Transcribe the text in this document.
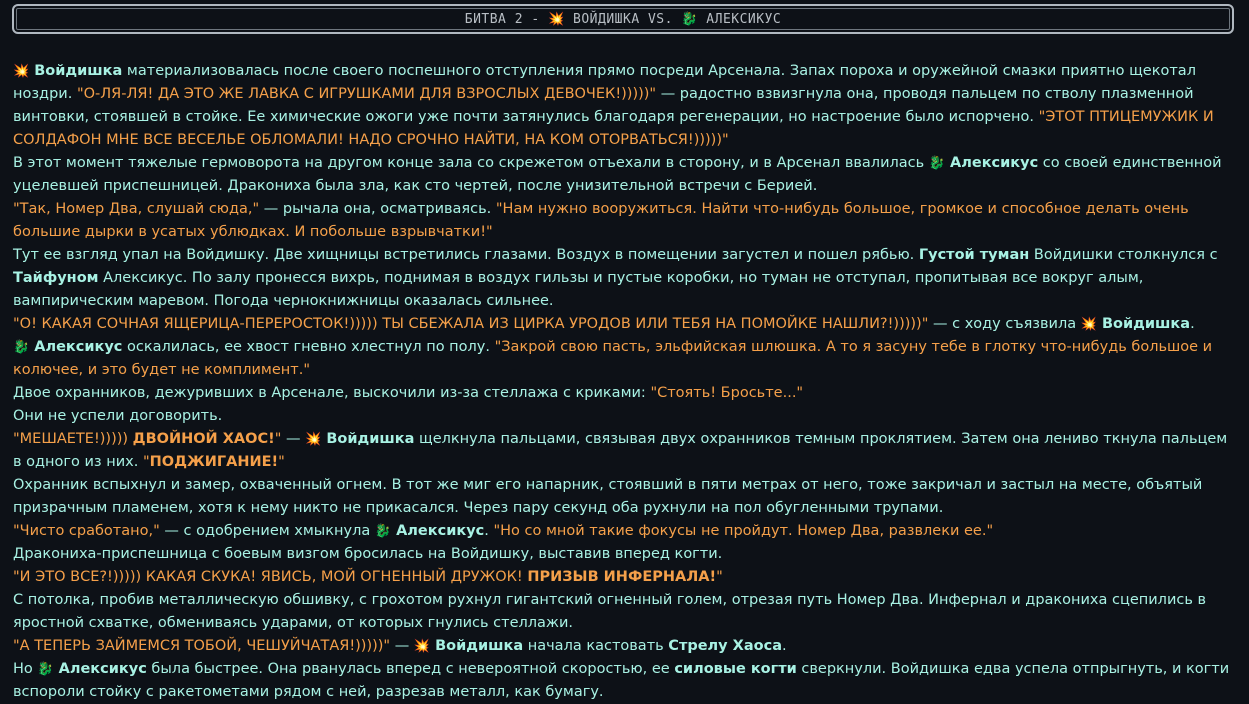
БИТВА 2 - 💥 ВОЙДИШКА VS. 🐉 АЛЕКСИКУС

💥 Войдишка материализовалась после своего поспешного отступления прямо посреди Арсенала. Запах пороха и оружейной смазки приятно щекотал ноздри. "О-ЛЯ-ЛЯ! ДА ЭТО ЖЕ ЛАВКА С ИГРУШКАМИ ДЛЯ ВЗРОСЛЫХ ДЕВОЧЕК!)))))" — радостно взвизгнула она, проводя пальцем по стволу плазменной винтовки, стоявшей в стойке. Ее химические ожоги уже почти затянулись благодаря регенерации, но настроение было испорчено. "ЭТОТ ПТИЦЕМУЖИК И СОЛДАФОН МНЕ ВСЕ ВЕСЕЛЬЕ ОБЛОМАЛИ! НАДО СРОЧНО НАЙТИ, НА КОМ ОТОРВАТЬСЯ!)))))"

В этот момент тяжелые гермоворота на другом конце зала со скрежетом отъехали в сторону, и в Арсенал ввалилась 🐉 Алексикус со своей единственной уцелевшей приспешницей. Дракониха была зла, как сто чертей, после унизительной встречи с Берией.

"Так, Номер Два, слушай сюда," — рычала она, осматриваясь. "Нам нужно вооружиться. Найти что-нибудь большое, громкое и способное делать очень большие дырки в усатых ублюдках. И побольше взрывчатки!"

Тут ее взгляд упал на Войдишку. Две хищницы встретились глазами. Воздух в помещении загустел и пошел рябью. Густой туман Войдишки столкнулся с Тайфуном Алексикус. По залу пронесся вихрь, поднимая в воздух гильзы и пустые коробки, но туман не отступал, пропитывая все вокруг алым, вампирическим маревом. Погода чернокнижницы оказалась сильнее.

"О! КАКАЯ СОЧНАЯ ЯЩЕРИЦА-ПЕРЕРОСТОК!))))) ТЫ СБЕЖАЛА ИЗ ЦИРКА УРОДОВ ИЛИ ТЕБЯ НА ПОМОЙКЕ НАШЛИ?!)))))" — с ходу съязвила 💥 Войдишка.

🐉 Алексикус оскалилась, ее хвост гневно хлестнул по полу. "Закрой свою пасть, эльфийская шлюшка. А то я засуну тебе в глотку что-нибудь большое и колючее, и это будет не комплимент."

Двое охранников, дежуривших в Арсенале, выскочили из-за стеллажа с криками: "Стоять! Бросьте..."

Они не успели договорить.

"МЕШАЕТЕ!))))) ДВОЙНОЙ ХАОС!" — 💥 Войдишка щелкнула пальцами, связывая двух охранников темным проклятием. Затем она лениво ткнула пальцем в одного из них. "ПОДЖИГАНИЕ!"

Охранник вспыхнул и замер, охваченный огнем. В тот же миг его напарник, стоявший в пяти метрах от него, тоже закричал и застыл на месте, объятый призрачным пламенем, хотя к нему никто не прикасался. Через пару секунд оба рухнули на пол обугленными трупами.

"Чисто сработано," — с одобрением хмыкнула 🐉 Алексикус. "Но со мной такие фокусы не пройдут. Номер Два, развлеки ее."

Дракониха-приспешница с боевым визгом бросилась на Войдишку, выставив вперед когти.

"И ЭТО ВСЕ?!))))) КАКАЯ СКУКА! ЯВИСЬ, МОЙ ОГНЕННЫЙ ДРУЖОК! ПРИЗЫВ ИНФЕРНАЛА!"

С потолка, пробив металлическую обшивку, с грохотом рухнул гигантский огненный голем, отрезая путь Номер Два. Инфернал и дракониха сцепились в яростной схватке, обмениваясь ударами, от которых гнулись стеллажи.

"А ТЕПЕРЬ ЗАЙМЕМСЯ ТОБОЙ, ЧЕШУЙЧАТАЯ!)))))" — 💥 Войдишка начала кастовать Стрелу Хаоса.

Но 🐉 Алексикус была быстрее. Она рванулась вперед с невероятной скоростью, ее силовые когти сверкнули. Войдишка едва успела отпрыгнуть, и когти вспороли стойку с ракетометами рядом с ней, разрезав металл, как бумагу.
